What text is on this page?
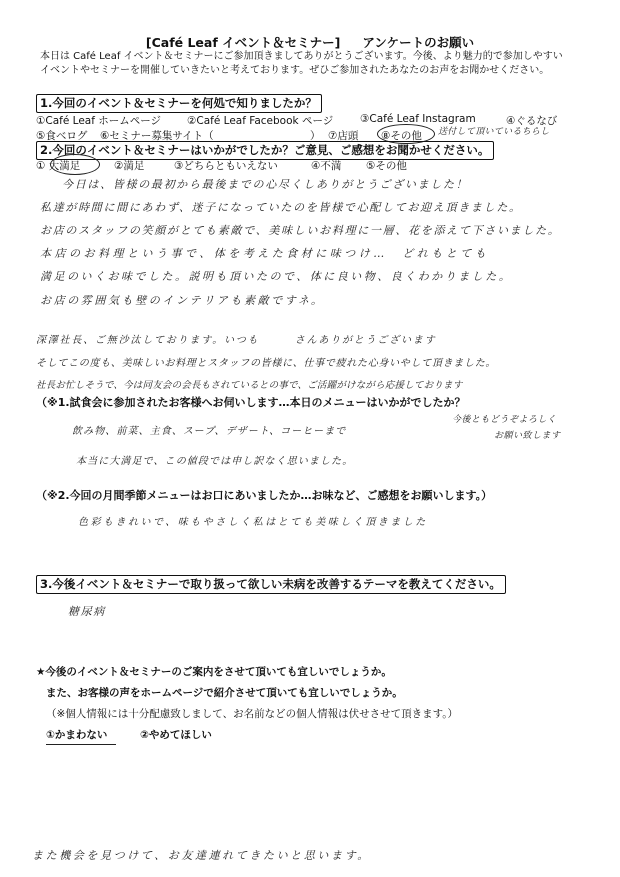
[Café Leaf イベント＆セミナー] アンケートのお願い
本日は Café Leaf イベント＆セミナーにご参加頂きましてありがとうございます。今後、より魅力的で参加しやすい
イベントやセミナーを開催していきたいと考えております。ぜひご参加されたあなたのお声をお聞かせください。
1.今回のイベント＆セミナーを何処で知りましたか？
①Café Leaf ホームページ ②Café Leaf Facebook ページ	③Café Leaf Instagram	④ぐるなび
⑤食ベログ ⑥セミナー募集サイト（	） ⑦店頭 ⑧その他 送付して頂いているちらし
2.今回のイベント＆セミナーはいかがでしたか？ご意見、ご感想をお聞かせください。
① 大満足	②満足	③どちらともいえない	④不満 ⑤その他
今日は、皆様の最初から最後までの心尽くしありがとうございました！
私達が時間に間にあわず、迷子になっていたのを皆様で心配してお迎え頂きました。
お店のスタッフの笑顔がとても素敵で、美味しいお料理に一層、花を添えて下さいました。
本店のお料理という事で、体を考えた食材に味つけ…　どれもとても
満足のいくお味でした。説明も頂いたので、体に良い物、良くわかりました。
お店の雰囲気も壁のインテリアも素敵ですネ。
深澤社長、ご無沙汰しております。いつも　　　さんありがとうございます
そしてこの度も、美味しいお料理とスタッフの皆様に、仕事で疲れた心身いやして頂きました。
社長お忙しそうで、今は同友会の会長もされているとの事で、ご活躍がけながら応援しております
（※1.試食会に参加されたお客様へお伺いします…本日のメニューはいかがでしたか？
飲み物、前菜、主食、スープ、デザート、コーヒーまで
今後ともどうぞよろしく
お願い致します
本当に大満足で、この値段では申し訳なく思いました。
（※2.今回の月間季節メニューはお口にあいましたか…お味など、ご感想をお願いします。）
色彩もきれいで、味もやさしく私はとても美味しく頂きました
3.今後イベント＆セミナーで取り扱って欲しい未病を改善するテーマを教えてください。
糖尿病
★今後のイベント＆セミナーのご案内をさせて頂いても宜しいでしょうか。
また、お客様の声をホームページで紹介させて頂いても宜しいでしょうか。
（※個人情報には十分配慮致しまして、お名前などの個人情報は伏せさせて頂きます。）
①かまわない	②やめてほしい
また機会を見つけて、お友達連れてきたいと思います。
